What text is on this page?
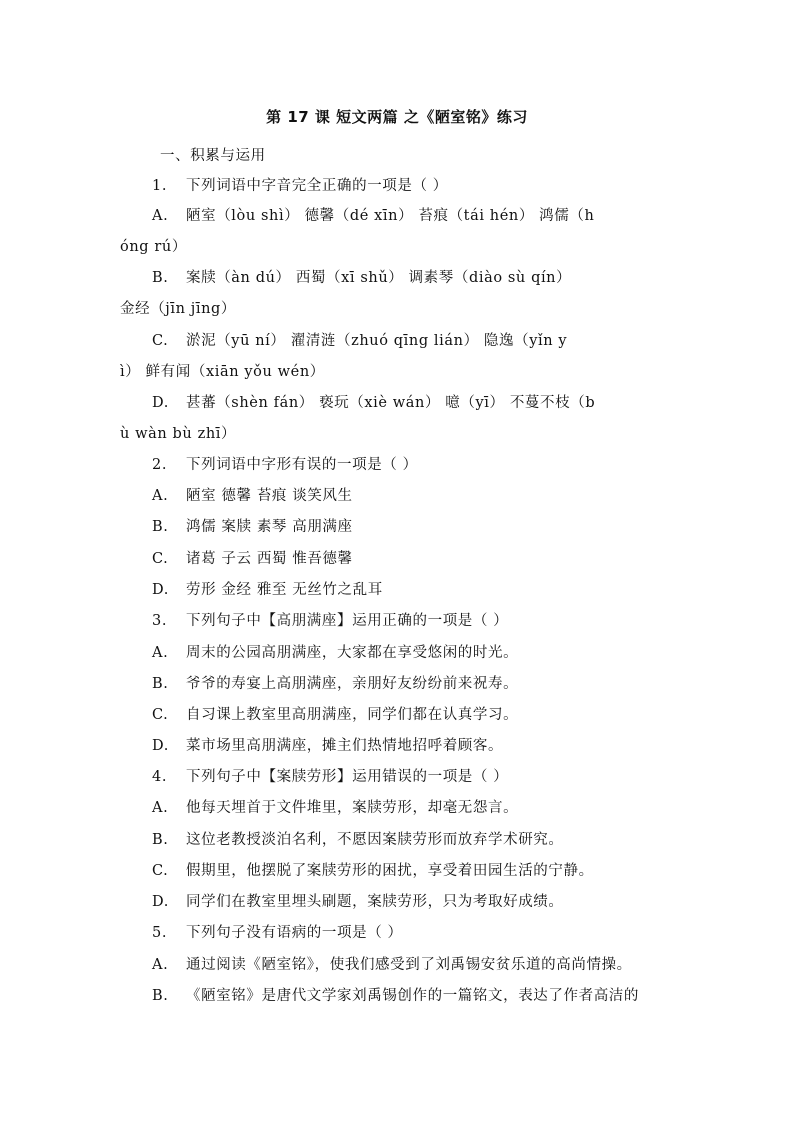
第 17 课 短文两篇 之《陋室铭》练习
一、积累与运用
1. 下列词语中字音完全正确的一项是（ ）
A. 陋室（lòu shì） 德馨（dé xīn） 苔痕（tái hén） 鸿儒（h
óng rú）
B. 案牍（àn dú） 西蜀（xī shǔ） 调素琴（diào sù qín）
金经（jīn jīng）
C. 淤泥（yū ní） 濯清涟（zhuó qīng lián） 隐逸（yǐn y
ì） 鲜有闻（xiān yǒu wén）
D. 甚蕃（shèn fán） 亵玩（xiè wán） 噫（yī） 不蔓不枝（b
ù wàn bù zhī）
2. 下列词语中字形有误的一项是（ ）
A. 陋室 德馨 苔痕 谈笑风生
B. 鸿儒 案牍 素琴 高朋满座
C. 诸葛 子云 西蜀 惟吾德馨
D. 劳形 金经 雅至 无丝竹之乱耳
3. 下列句子中【高朋满座】运用正确的一项是（ ）
A. 周末的公园高朋满座，大家都在享受悠闲的时光。
B. 爷爷的寿宴上高朋满座，亲朋好友纷纷前来祝寿。
C. 自习课上教室里高朋满座，同学们都在认真学习。
D. 菜市场里高朋满座，摊主们热情地招呼着顾客。
4. 下列句子中【案牍劳形】运用错误的一项是（ ）
A. 他每天埋首于文件堆里，案牍劳形，却毫无怨言。
B. 这位老教授淡泊名利，不愿因案牍劳形而放弃学术研究。
C. 假期里，他摆脱了案牍劳形的困扰，享受着田园生活的宁静。
D. 同学们在教室里埋头刷题，案牍劳形，只为考取好成绩。
5. 下列句子没有语病的一项是（ ）
A. 通过阅读《陋室铭》，使我们感受到了刘禹锡安贫乐道的高尚情操。
B. 《陋室铭》是唐代文学家刘禹锡创作的一篇铭文，表达了作者高洁的
